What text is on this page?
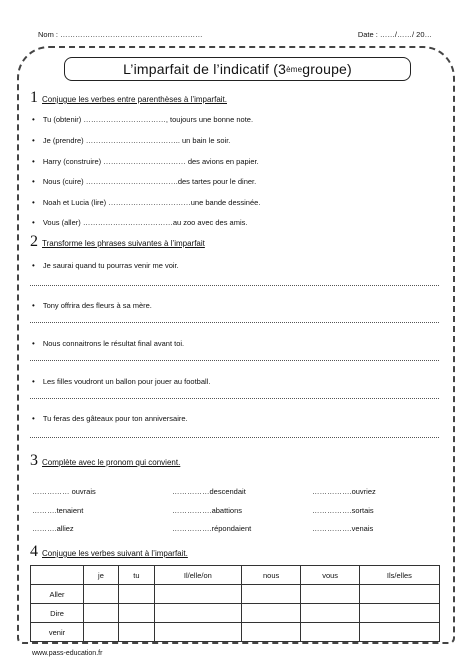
Nom : …………………………………………………	Date : ……/……/ 20…
L’imparfait de l’indicatif (3 ème groupe)
1 Conjugue les verbes entre parenthèses à l’imparfait.
• Tu (obtenir) ……………………………, toujours une bonne note.
• Je (prendre) ……………………………….. un bain le soir.
• Harry (construire) …………………………… des avions en papier.
• Nous (cuire) ……………………………….des tartes pour le diner.
• Noah et Lucia (lire) ……………………………une bande dessinée.
• Vous (aller) ………………………………au zoo avec des amis.
2 Transforme les phrases suivantes à l’imparfait
• Je saurai quand tu pourras venir me voir.
• Tony offrira des fleurs à sa mère.
• Nous connaitrons le résultat final avant toi.
• Les filles voudront un ballon pour jouer au football.
• Tu feras des gâteaux pour ton anniversaire.
3 Complète avec le pronom qui convient.
…………… ouvrais	……………descendait	…………….ouvriez
……….tenaient	…………….abattions	…………….sortais
……….alliez	…………….répondaient	…………….venais
4 Conjugue les verbes suivant à l’imparfait.
	je	tu	Il/elle/on	nous	vous	Ils/elles
Aller						
Dire						
venir						
www.pass-education.fr
